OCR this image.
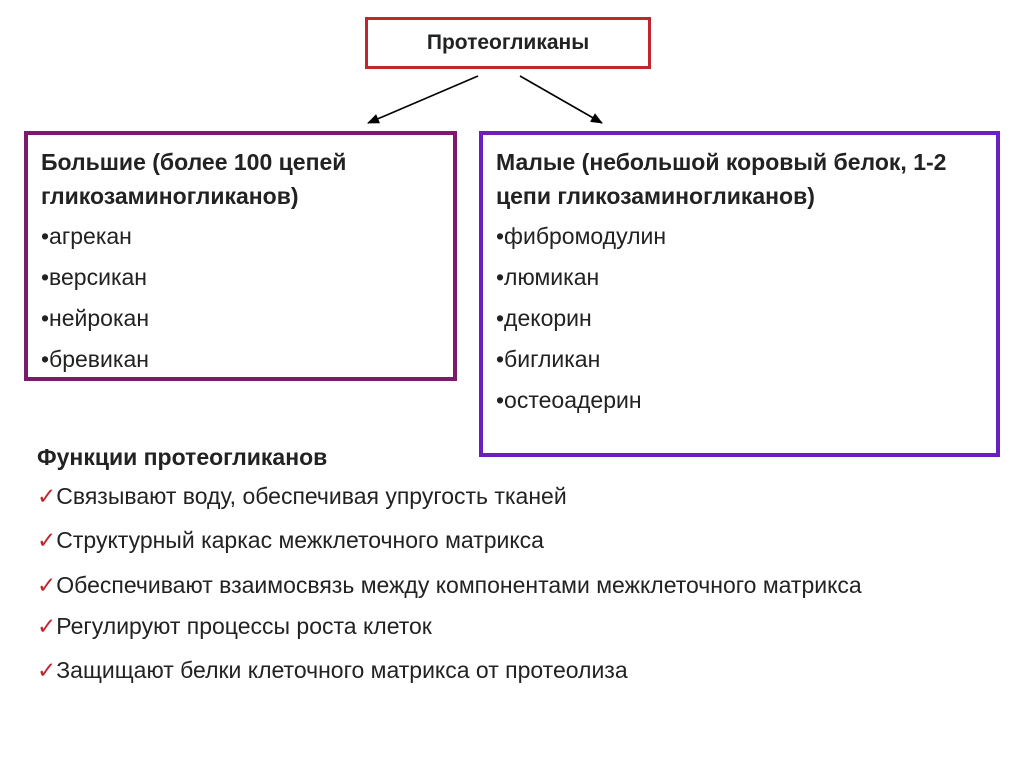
Протеогликаны
Большие (более 100 цепей гликозаминогликанов)
•агрекан
•версикан
•нейрокан
•бревикан
Малые (небольшой коровый белок, 1-2 цепи гликозаминогликанов)
•фибромодулин
•люмикан
•декорин
•бигликан
•остеоадерин
Функции протеогликанов
✓Связывают воду, обеспечивая упругость тканей
✓Структурный каркас межклеточного матрикса
✓Обеспечивают взаимосвязь между компонентами межклеточного матрикса
✓Регулируют процессы роста клеток
✓Защищают белки клеточного матрикса от протеолиза
